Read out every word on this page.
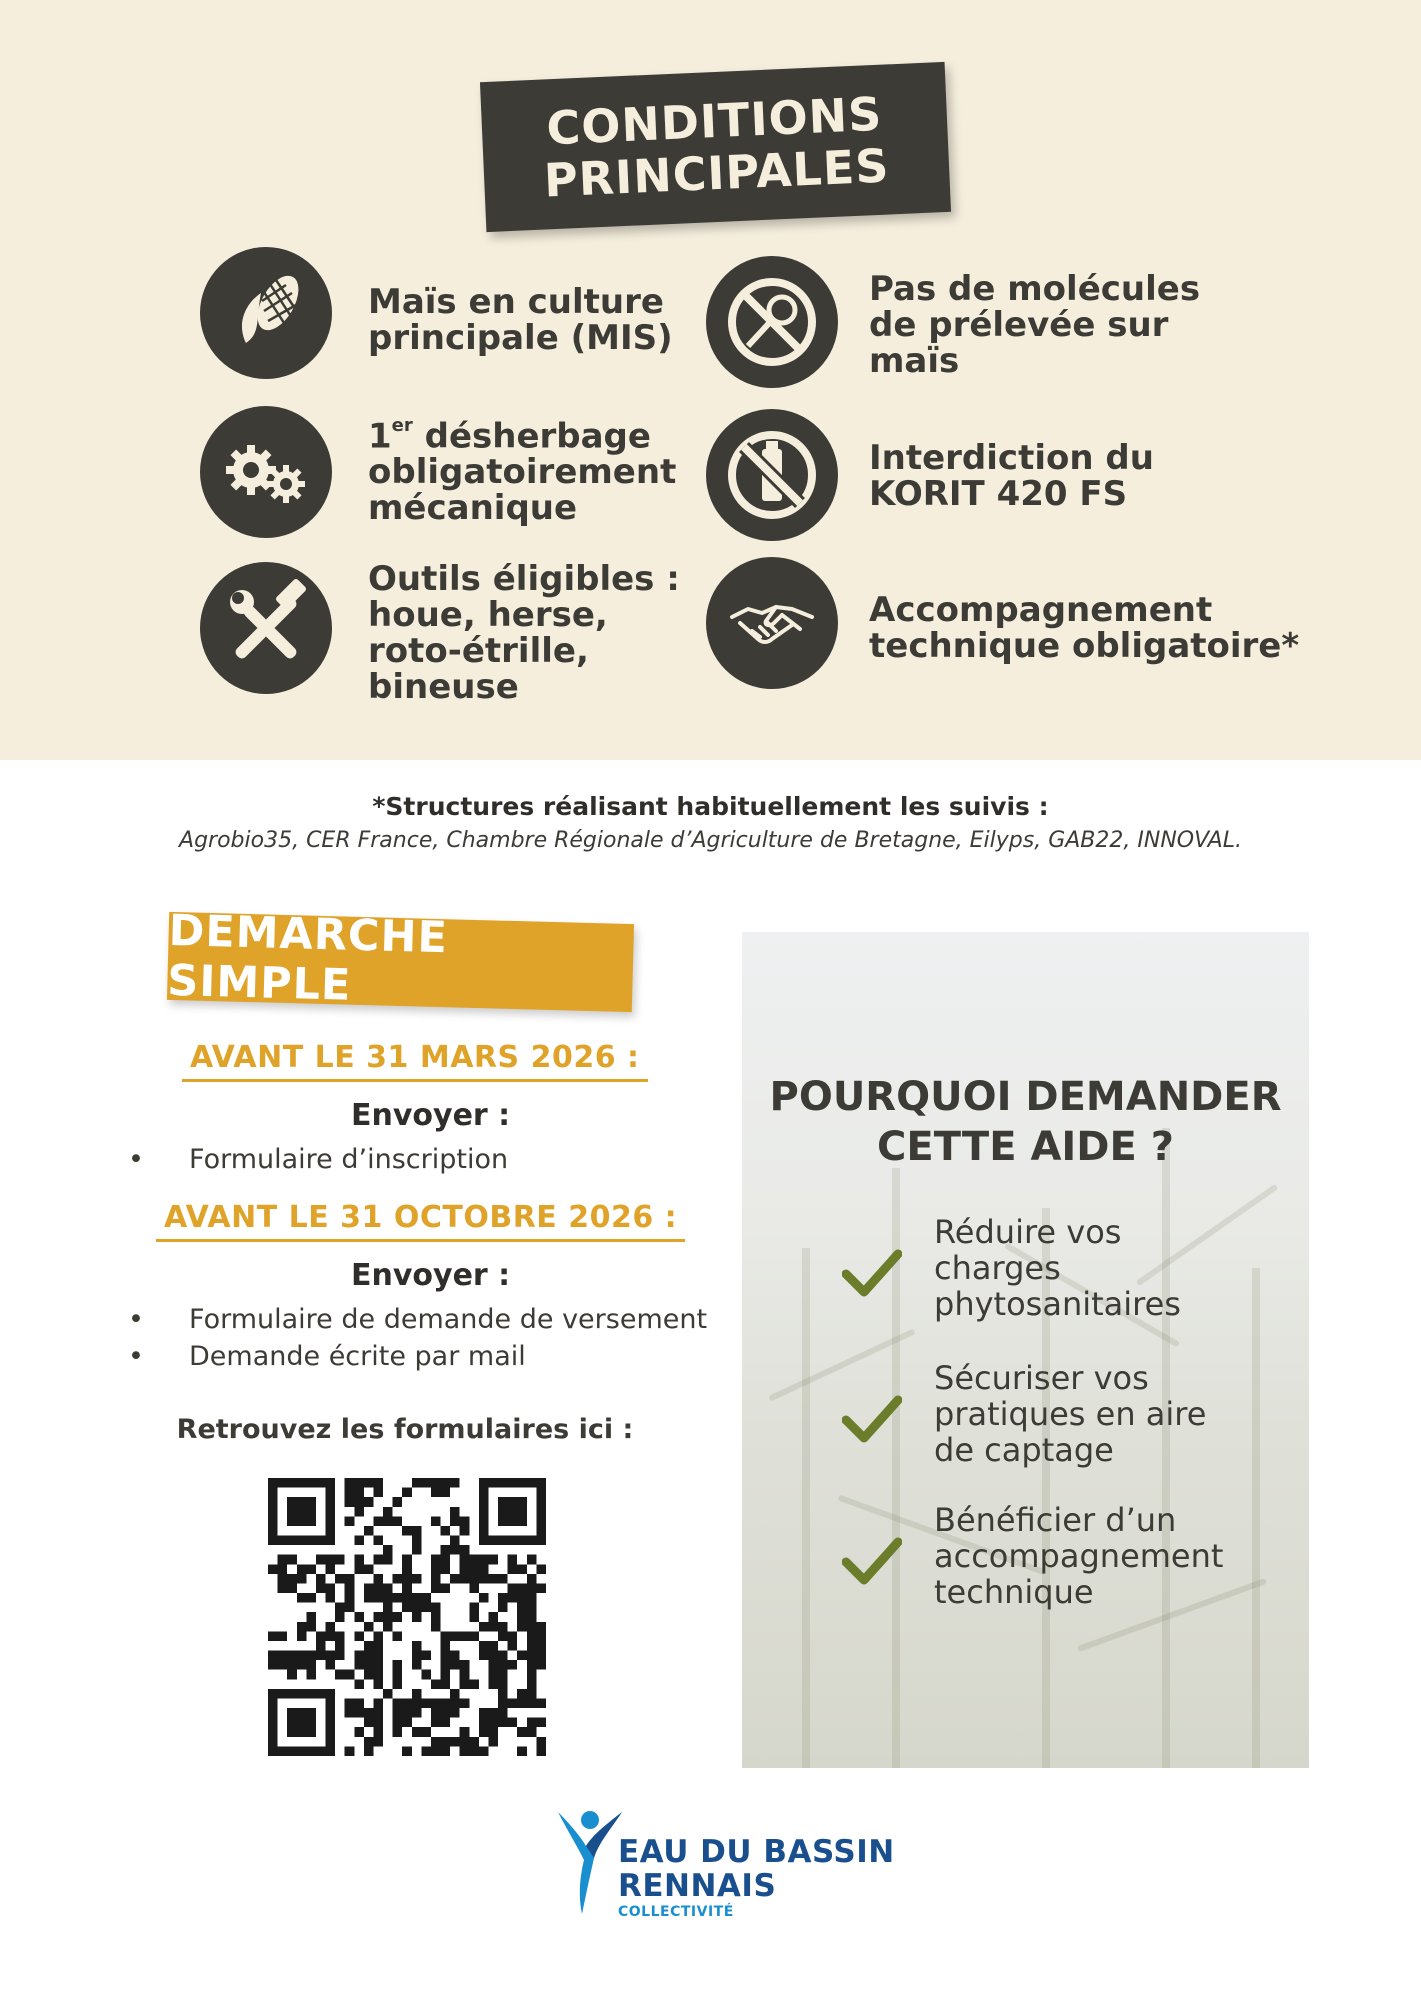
CONDITIONS
PRINCIPALES
Maïs en culture
principale (MIS)
1er désherbage
obligatoirement
mécanique
Outils éligibles :
houe, herse,
roto-étrille,
bineuse
Pas de molécules
de prélevée sur
maïs
Interdiction du
KORIT 420 FS
Accompagnement
technique obligatoire*
*Structures réalisant habituellement les suivis :
Agrobio35, CER France, Chambre Régionale d’Agriculture de Bretagne, Eilyps, GAB22, INNOVAL.
DÉMARCHE SIMPLE
AVANT LE 31 MARS 2026 :
Envoyer :
• Formulaire d’inscription
AVANT LE 31 OCTOBRE 2026 :
Envoyer :
• Formulaire de demande de versement
• Demande écrite par mail
Retrouvez les formulaires ici :
POURQUOI DEMANDER
CETTE AIDE ?
Réduire vos
charges
phytosanitaires
Sécuriser vos
pratiques en aire
de captage
Bénéficier d’un
accompagnement
technique
EAU DU BASSIN
RENNAIS
COLLECTIVITÉ
